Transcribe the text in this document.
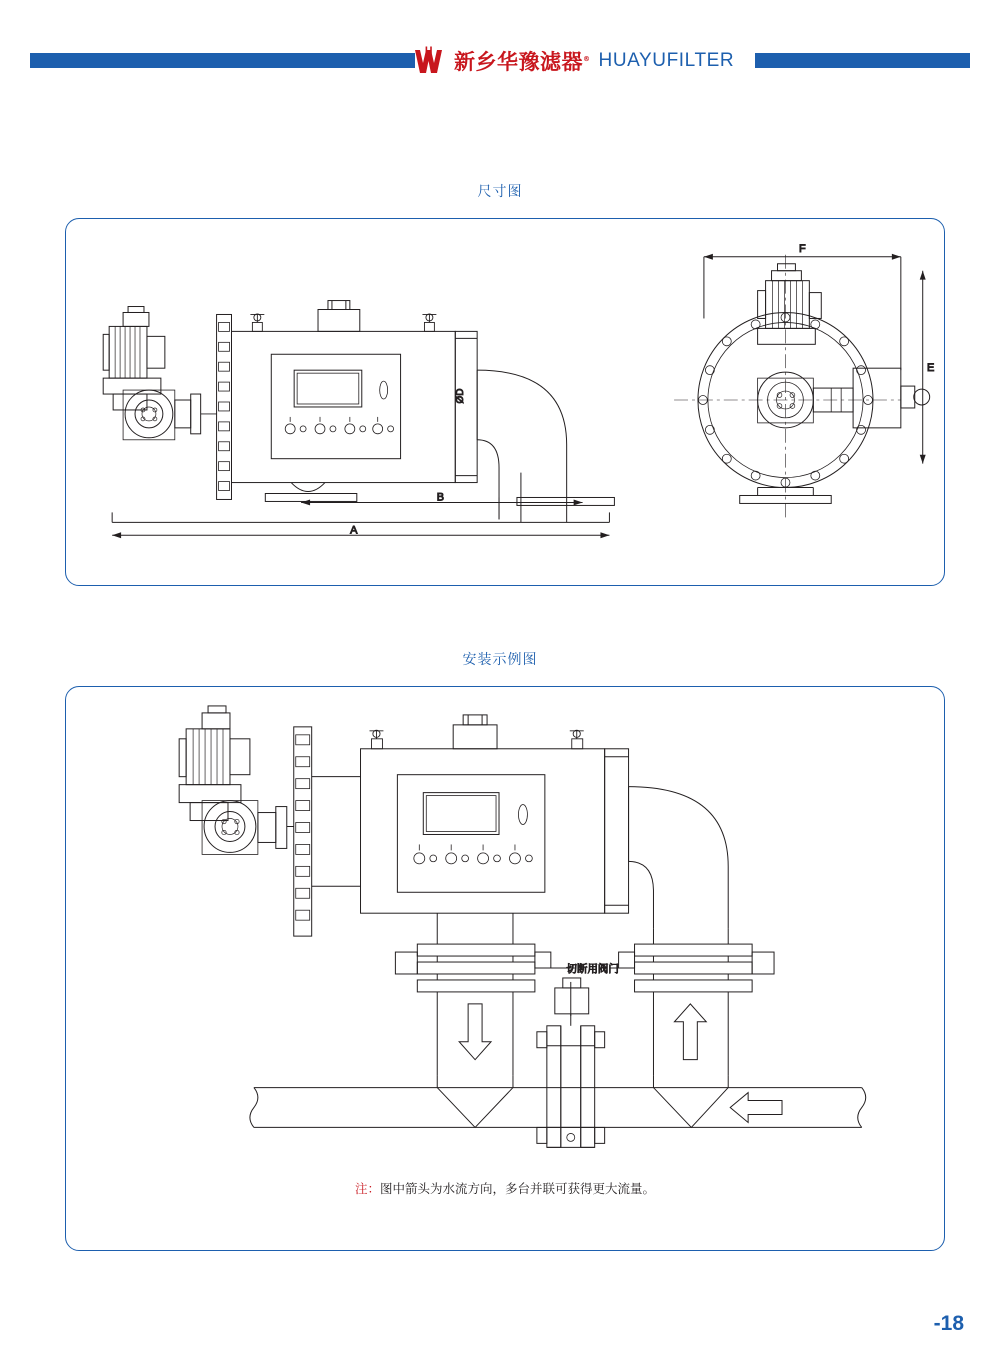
新乡华豫滤器® HUAYUFILTER
尺寸图
A
B
ØD
F
E
安装示例图
切断用阀门
注：图中箭头为水流方向，多台并联可获得更大流量。
-18
